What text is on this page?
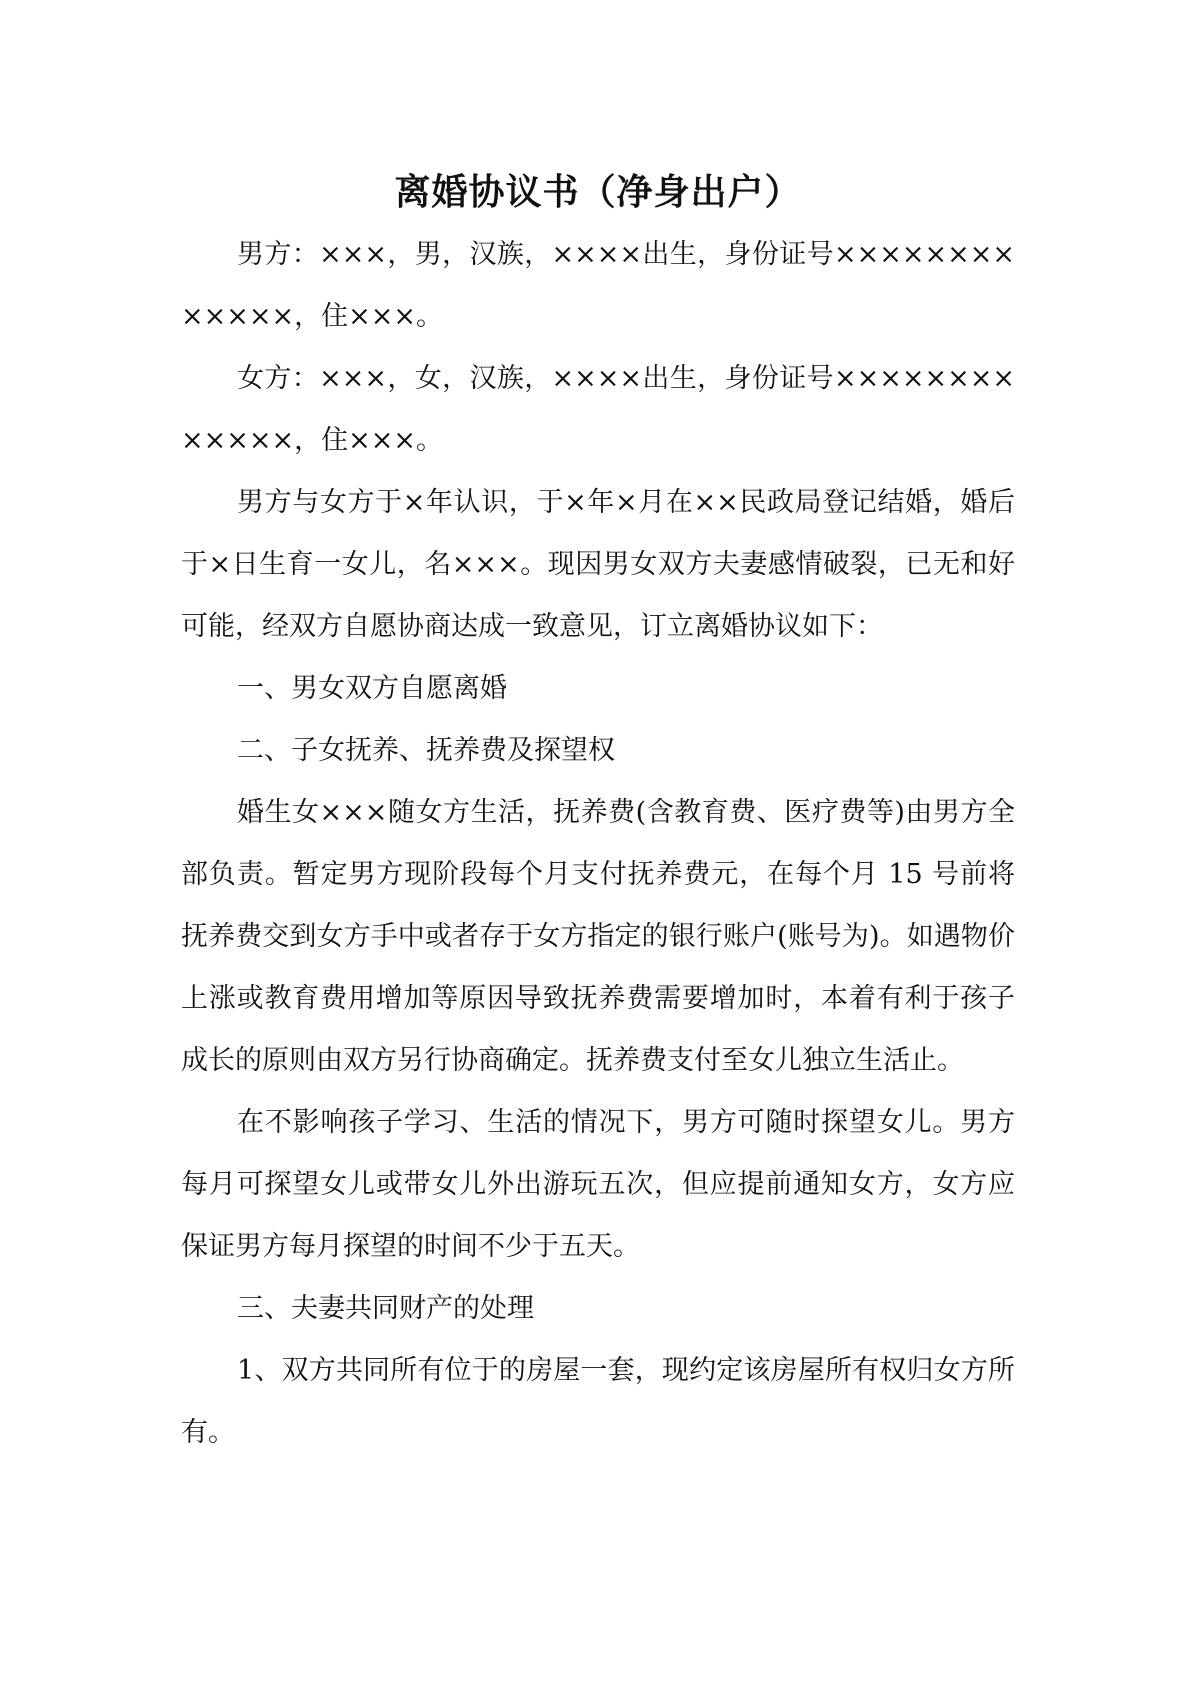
离婚协议书（净身出户）

男方：×××，男，汉族，××××出生，身份证号×××××××××××××，住×××。

女方：×××，女，汉族，××××出生，身份证号×××××××××××××，住×××。

男方与女方于×年认识，于×年×月在××民政局登记结婚，婚后于×日生育一女儿，名×××。现因男女双方夫妻感情破裂，已无和好可能，经双方自愿协商达成一致意见，订立离婚协议如下：

一、男女双方自愿离婚

二、子女抚养、抚养费及探望权

婚生女×××随女方生活，抚养费(含教育费、医疗费等)由男方全部负责。暂定男方现阶段每个月支付抚养费元，在每个月 15 号前将抚养费交到女方手中或者存于女方指定的银行账户(账号为)。如遇物价上涨或教育费用增加等原因导致抚养费需要增加时，本着有利于孩子成长的原则由双方另行协商确定。抚养费支付至女儿独立生活止。

在不影响孩子学习、生活的情况下，男方可随时探望女儿。男方每月可探望女儿或带女儿外出游玩五次，但应提前通知女方，女方应保证男方每月探望的时间不少于五天。

三、夫妻共同财产的处理

1、双方共同所有位于的房屋一套，现约定该房屋所有权归女方所有。
